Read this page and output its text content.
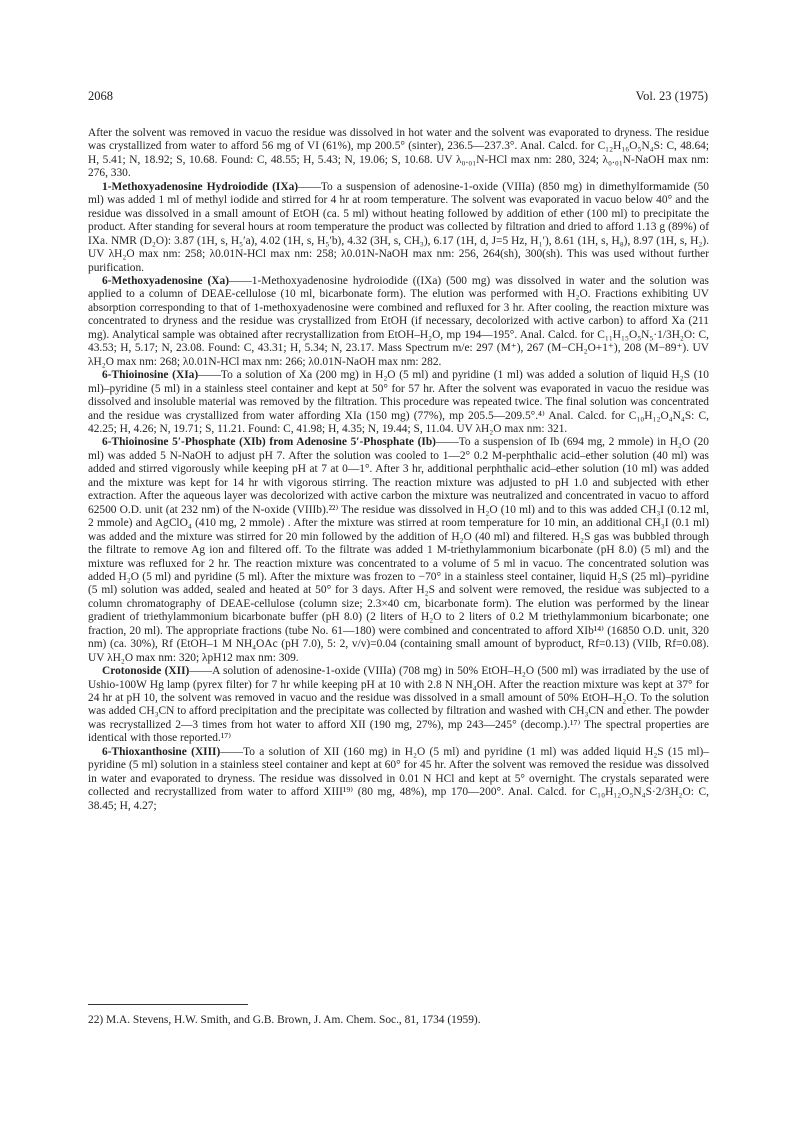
2068	Vol. 23 (1975)

After the solvent was removed in vacuo the residue was dissolved in hot water and the solvent was evaporated to dryness. The residue was crystallized from water to afford 56 mg of VI (61%), mp 200.5° (sinter), 236.5—237.3°. Anal. Calcd. for C₁₂H₁₆O₅N₄S: C, 48.64; H, 5.41; N, 18.92; S, 10.68. Found: C, 48.55; H, 5.43; N, 19.06; S, 10.68. UV λ₀.₀₁N-HCl max nm: 280, 324; λ₀.₀₁N-NaOH max nm: 276, 330.

1-Methoxyadenosine Hydroiodide (IXa)——To a suspension of adenosine-1-oxide (VIIIa) (850 mg) in dimethylformamide (50 ml) was added 1 ml of methyl iodide and stirred for 4 hr at room temperature. The solvent was evaporated in vacuo below 40° and the residue was dissolved in a small amount of EtOH (ca. 5 ml) without heating followed by addition of ether (100 ml) to precipitate the product. After standing for several hours at room temperature the product was collected by filtration and dried to afford 1.13 g (89%) of IXa. NMR (D₂O): 3.87 (1H, s, H₅′a), 4.02 (1H, s, H₅′b), 4.32 (3H, s, CH₃), 6.17 (1H, d, J=5 Hz, H₁′), 8.61 (1H, s, H₈), 8.97 (1H, s, H₂). UV λH₂O max nm: 258; λ0.01N-HCl max nm: 258; λ0.01N-NaOH max nm: 256, 264(sh), 300(sh). This was used without further purification.

6-Methoxyadenosine (Xa)——1-Methoxyadenosine hydroiodide ((IXa) (500 mg) was dissolved in water and the solution was applied to a column of DEAE-cellulose (10 ml, bicarbonate form). The elution was performed with H₂O. Fractions exhibiting UV absorption corresponding to that of 1-methoxyadenosine were combined and refluxed for 3 hr. After cooling, the reaction mixture was concentrated to dryness and the residue was crystallized from EtOH (if necessary, decolorized with active carbon) to afford Xa (211 mg). Analytical sample was obtained after recrystallization from EtOH–H₂O, mp 194—195°. Anal. Calcd. for C₁₁H₁₅O₅N₅·1/3H₂O: C, 43.53; H, 5.17; N, 23.08. Found: C, 43.31; H, 5.34; N, 23.17. Mass Spectrum m/e: 297 (M⁺), 267 (M−CH₂O+1⁺), 208 (M−89⁺). UV λH₂O max nm: 268; λ0.01N-HCl max nm: 266; λ0.01N-NaOH max nm: 282.

6-Thioinosine (XIa)——To a solution of Xa (200 mg) in H₂O (5 ml) and pyridine (1 ml) was added a solution of liquid H₂S (10 ml)–pyridine (5 ml) in a stainless steel container and kept at 50° for 57 hr. After the solvent was evaporated in vacuo the residue was dissolved and insoluble material was removed by the filtration. This procedure was repeated twice. The final solution was concentrated and the residue was crystallized from water affording XIa (150 mg) (77%), mp 205.5—209.5°.⁴⁾ Anal. Calcd. for C₁₀H₁₂O₄N₄S: C, 42.25; H, 4.26; N, 19.71; S, 11.21. Found: C, 41.98; H, 4.35; N, 19.44; S, 11.04. UV λH₂O max nm: 321.

6-Thioinosine 5′-Phosphate (XIb) from Adenosine 5′-Phosphate (Ib)——To a suspension of Ib (694 mg, 2 mmole) in H₂O (20 ml) was added 5 N-NaOH to adjust pH 7. After the solution was cooled to 1—2° 0.2 M-perphthalic acid–ether solution (40 ml) was added and stirred vigorously while keeping pH at 7 at 0—1°. After 3 hr, additional perphthalic acid–ether solution (10 ml) was added and the mixture was kept for 14 hr with vigorous stirring. The reaction mixture was adjusted to pH 1.0 and subjected with ether extraction. After the aqueous layer was decolorized with active carbon the mixture was neutralized and concentrated in vacuo to afford 62500 O.D. unit (at 232 nm) of the N-oxide (VIIIb).²²⁾ The residue was dissolved in H₂O (10 ml) and to this was added CH₃I (0.12 ml, 2 mmole) and AgClO₄ (410 mg, 2 mmole) . After the mixture was stirred at room temperature for 10 min, an additional CH₃I (0.1 ml) was added and the mixture was stirred for 20 min followed by the addition of H₂O (40 ml) and filtered. H₂S gas was bubbled through the filtrate to remove Ag ion and filtered off. To the filtrate was added 1 M-triethylammonium bicarbonate (pH 8.0) (5 ml) and the mixture was refluxed for 2 hr. The reaction mixture was concentrated to a volume of 5 ml in vacuo. The concentrated solution was added H₂O (5 ml) and pyridine (5 ml). After the mixture was frozen to −70° in a stainless steel container, liquid H₂S (25 ml)–pyridine (5 ml) solution was added, sealed and heated at 50° for 3 days. After H₂S and solvent were removed, the residue was subjected to a column chromatography of DEAE-cellulose (column size; 2.3×40 cm, bicarbonate form). The elution was performed by the linear gradient of triethylammonium bicarbonate buffer (pH 8.0) (2 liters of H₂O to 2 liters of 0.2 M triethylammonium bicarbonate; one fraction, 20 ml). The appropriate fractions (tube No. 61—180) were combined and concentrated to afford XIb¹⁴⁾ (16850 O.D. unit, 320 nm) (ca. 30%), Rf (EtOH–1 M NH₄OAc (pH 7.0), 5: 2, v/v)=0.04 (containing small amount of byproduct, Rf=0.13) (VIIb, Rf=0.08). UV λH₂O max nm: 320; λpH12 max nm: 309.

Crotonoside (XII)——A solution of adenosine-1-oxide (VIIIa) (708 mg) in 50% EtOH–H₂O (500 ml) was irradiated by the use of Ushio-100W Hg lamp (pyrex filter) for 7 hr while keeping pH at 10 with 2.8 N NH₄OH. After the reaction mixture was kept at 37° for 24 hr at pH 10, the solvent was removed in vacuo and the residue was dissolved in a small amount of 50% EtOH–H₂O. To the solution was added CH₃CN to afford precipitation and the precipitate was collected by filtration and washed with CH₃CN and ether. The powder was recrystallized 2—3 times from hot water to afford XII (190 mg, 27%), mp 243—245° (decomp.).¹⁷⁾ The spectral properties are identical with those reported.¹⁷⁾

6-Thioxanthosine (XIII)——To a solution of XII (160 mg) in H₂O (5 ml) and pyridine (1 ml) was added liquid H₂S (15 ml)–pyridine (5 ml) solution in a stainless steel container and kept at 60° for 45 hr. After the solvent was removed the residue was dissolved in water and evaporated to dryness. The residue was dissolved in 0.01 N HCl and kept at 5° overnight. The crystals separated were collected and recrystallized from water to afford XIII¹⁹⁾ (80 mg, 48%), mp 170—200°. Anal. Calcd. for C₁₀H₁₂O₅N₄S·2/3H₂O: C, 38.45; H, 4.27;

22) M.A. Stevens, H.W. Smith, and G.B. Brown, J. Am. Chem. Soc., 81, 1734 (1959).
